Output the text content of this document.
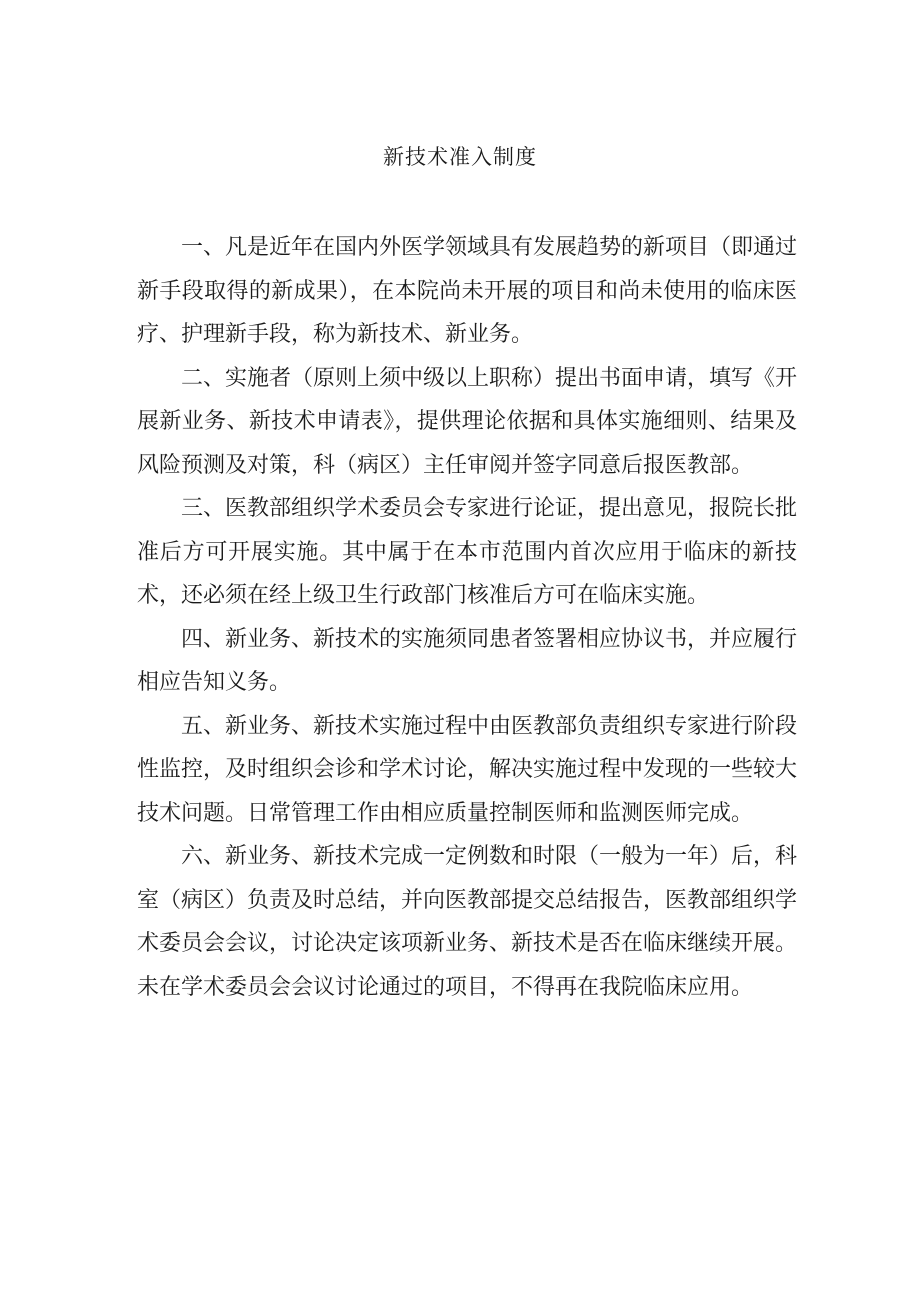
新技术准入制度

一、凡是近年在国内外医学领域具有发展趋势的新项目（即通过新手段取得的新成果），在本院尚未开展的项目和尚未使用的临床医疗、护理新手段，称为新技术、新业务。

二、实施者（原则上须中级以上职称）提出书面申请，填写《开展新业务、新技术申请表》，提供理论依据和具体实施细则、结果及风险预测及对策，科（病区）主任审阅并签字同意后报医教部。

三、医教部组织学术委员会专家进行论证，提出意见，报院长批准后方可开展实施。其中属于在本市范围内首次应用于临床的新技术，还必须在经上级卫生行政部门核准后方可在临床实施。

四、新业务、新技术的实施须同患者签署相应协议书，并应履行相应告知义务。

五、新业务、新技术实施过程中由医教部负责组织专家进行阶段性监控，及时组织会诊和学术讨论，解决实施过程中发现的一些较大技术问题。日常管理工作由相应质量控制医师和监测医师完成。

六、新业务、新技术完成一定例数和时限（一般为一年）后，科室（病区）负责及时总结，并向医教部提交总结报告，医教部组织学术委员会会议，讨论决定该项新业务、新技术是否在临床继续开展。未在学术委员会会议讨论通过的项目，不得再在我院临床应用。
